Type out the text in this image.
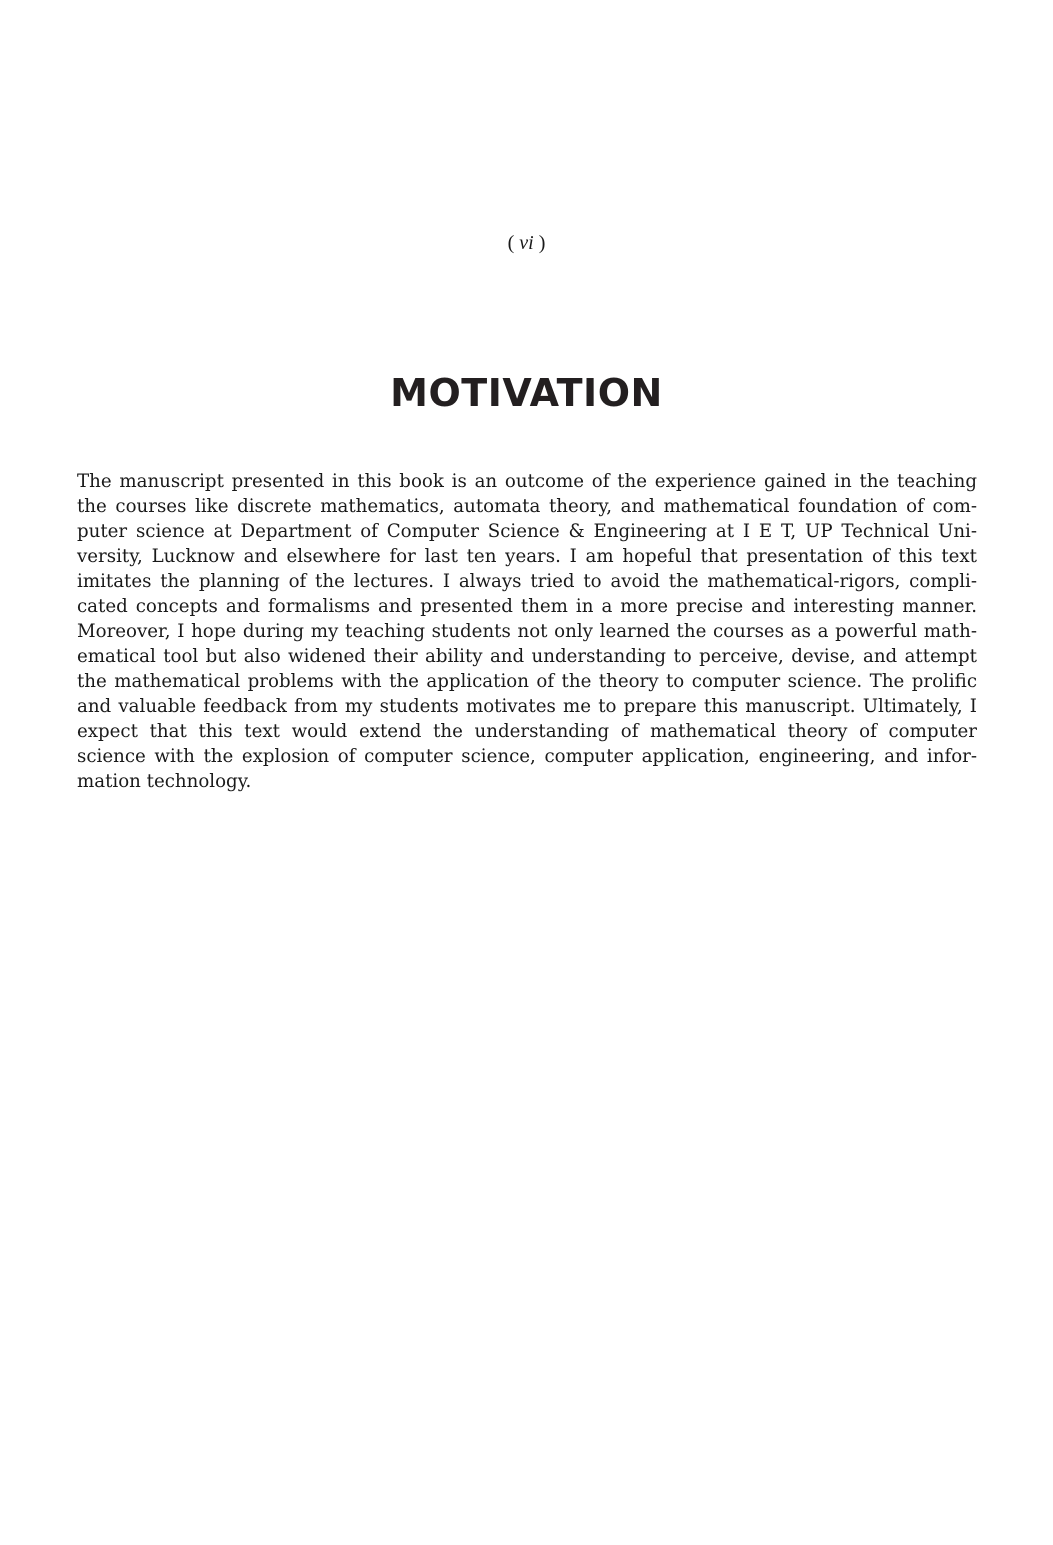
( vi )
MOTIVATION

The manuscript presented in this book is an outcome of the experience gained in the teaching the courses like discrete mathematics, automata theory, and mathematical foundation of computer science at Department of Computer Science & Engineering at I E T, UP Technical University, Lucknow and elsewhere for last ten years. I am hopeful that presentation of this text imitates the planning of the lectures. I always tried to avoid the mathematical-rigors, complicated concepts and formalisms and presented them in a more precise and interesting manner. Moreover, I hope during my teaching students not only learned the courses as a powerful mathematical tool but also widened their ability and understanding to perceive, devise, and attempt the mathematical problems with the application of the theory to computer science. The prolific and valuable feedback from my students motivates me to prepare this manuscript. Ultimately, I expect that this text would extend the understanding of mathematical theory of computer science with the explosion of computer science, computer application, engineering, and information technology.
